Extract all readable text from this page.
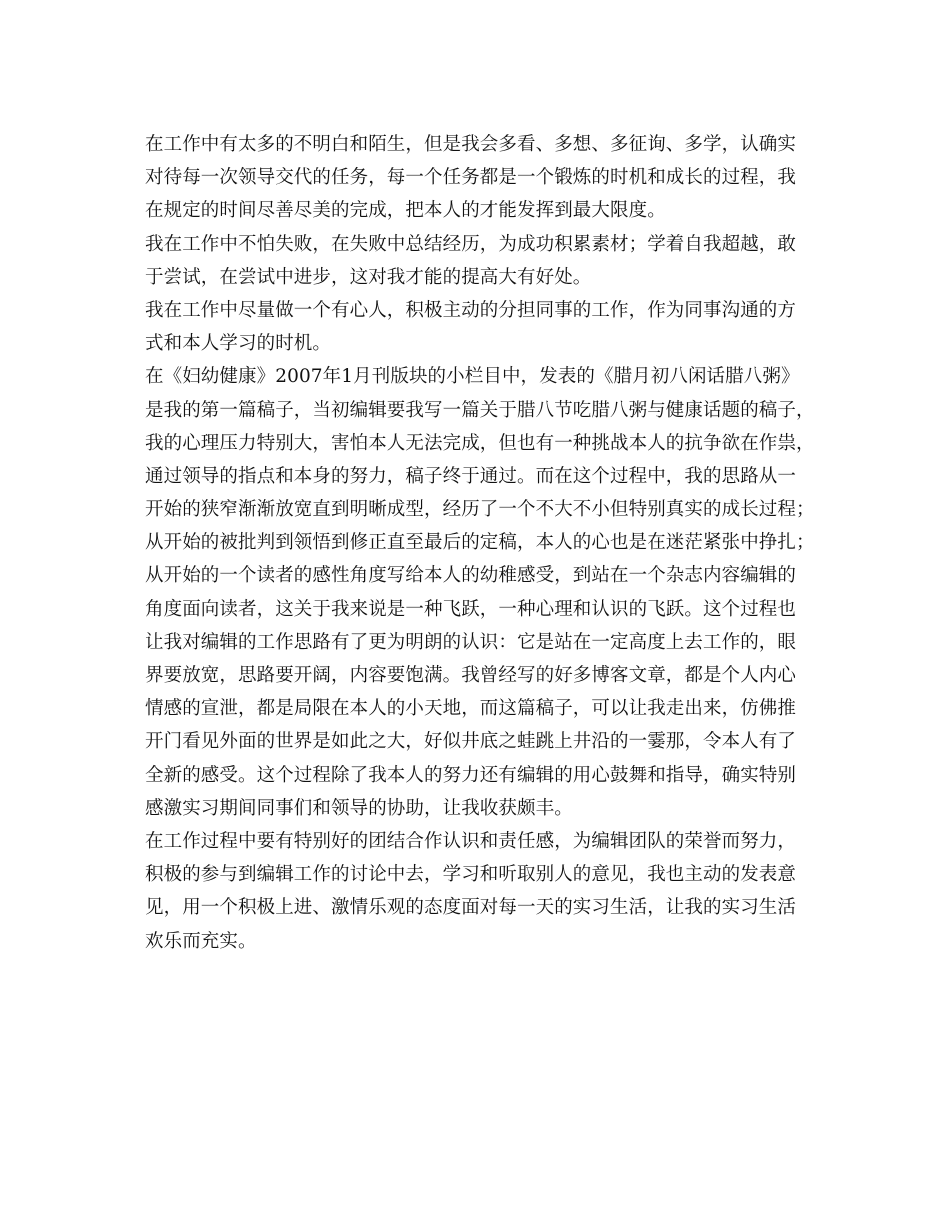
在工作中有太多的不明白和陌生，但是我会多看、多想、多征询、多学，认确实
对待每一次领导交代的任务，每一个任务都是一个锻炼的时机和成长的过程，我
在规定的时间尽善尽美的完成，把本人的才能发挥到最大限度。
我在工作中不怕失败，在失败中总结经历，为成功积累素材；学着自我超越，敢
于尝试，在尝试中进步，这对我才能的提高大有好处。
我在工作中尽量做一个有心人，积极主动的分担同事的工作，作为同事沟通的方
式和本人学习的时机。
在《妇幼健康》2007年1月刊版块的小栏目中，发表的《腊月初八闲话腊八粥》
是我的第一篇稿子，当初编辑要我写一篇关于腊八节吃腊八粥与健康话题的稿子，
我的心理压力特别大，害怕本人无法完成，但也有一种挑战本人的抗争欲在作祟，
通过领导的指点和本身的努力，稿子终于通过。而在这个过程中，我的思路从一
开始的狭窄渐渐放宽直到明晰成型，经历了一个不大不小但特别真实的成长过程；
从开始的被批判到领悟到修正直至最后的定稿，本人的心也是在迷茫紧张中挣扎；
从开始的一个读者的感性角度写给本人的幼稚感受，到站在一个杂志内容编辑的
角度面向读者，这关于我来说是一种飞跃，一种心理和认识的飞跃。这个过程也
让我对编辑的工作思路有了更为明朗的认识：它是站在一定高度上去工作的，眼
界要放宽，思路要开阔，内容要饱满。我曾经写的好多博客文章，都是个人内心
情感的宣泄，都是局限在本人的小天地，而这篇稿子，可以让我走出来，仿佛推
开门看见外面的世界是如此之大，好似井底之蛙跳上井沿的一霎那，令本人有了
全新的感受。这个过程除了我本人的努力还有编辑的用心鼓舞和指导，确实特别
感激实习期间同事们和领导的协助，让我收获颇丰。
在工作过程中要有特别好的团结合作认识和责任感，为编辑团队的荣誉而努力，
积极的参与到编辑工作的讨论中去，学习和听取别人的意见，我也主动的发表意
见，用一个积极上进、激情乐观的态度面对每一天的实习生活，让我的实习生活
欢乐而充实。
